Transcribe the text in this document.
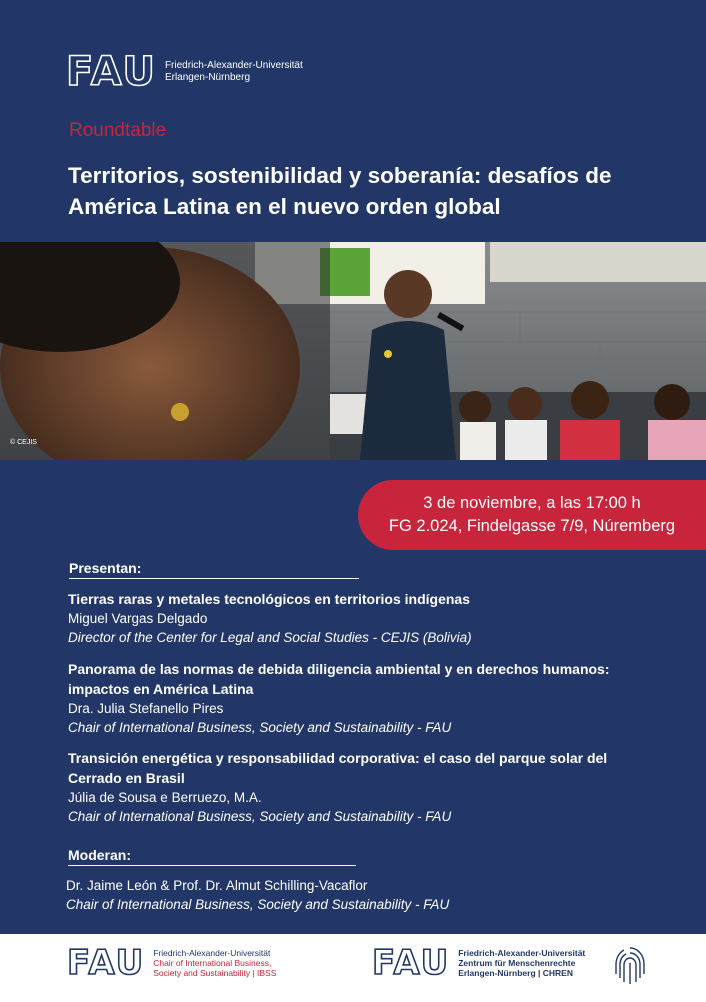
FAU Friedrich-Alexander-Universität
Erlangen-Nürnberg
Roundtable
Territorios, sostenibilidad y soberanía: desafíos de América Latina en el nuevo orden global
© CEJIS
3 de noviembre, a las 17:00 h
FG 2.024, Findelgasse 7/9, Núremberg
Presentan:
Tierras raras y metales tecnológicos en territorios indígenas
Miguel Vargas Delgado
Director of the Center for Legal and Social Studies - CEJIS (Bolivia)
Panorama de las normas de debida diligencia ambiental y en derechos humanos: impactos en América Latina
Dra. Julia Stefanello Pires
Chair of International Business, Society and Sustainability - FAU
Transición energética y responsabilidad corporativa: el caso del parque solar del Cerrado en Brasil
Júlia de Sousa e Berruezo, M.A.
Chair of International Business, Society and Sustainability - FAU
Moderan:
Dr. Jaime León & Prof. Dr. Almut Schilling-Vacaflor
Chair of International Business, Society and Sustainability - FAU
FAU Friedrich-Alexander-Universität
Chair of International Business,
Society and Sustainability | IBSS	FAU Friedrich-Alexander-Universität
Zentrum für Menschenrechte
Erlangen-Nürnberg | CHREN
